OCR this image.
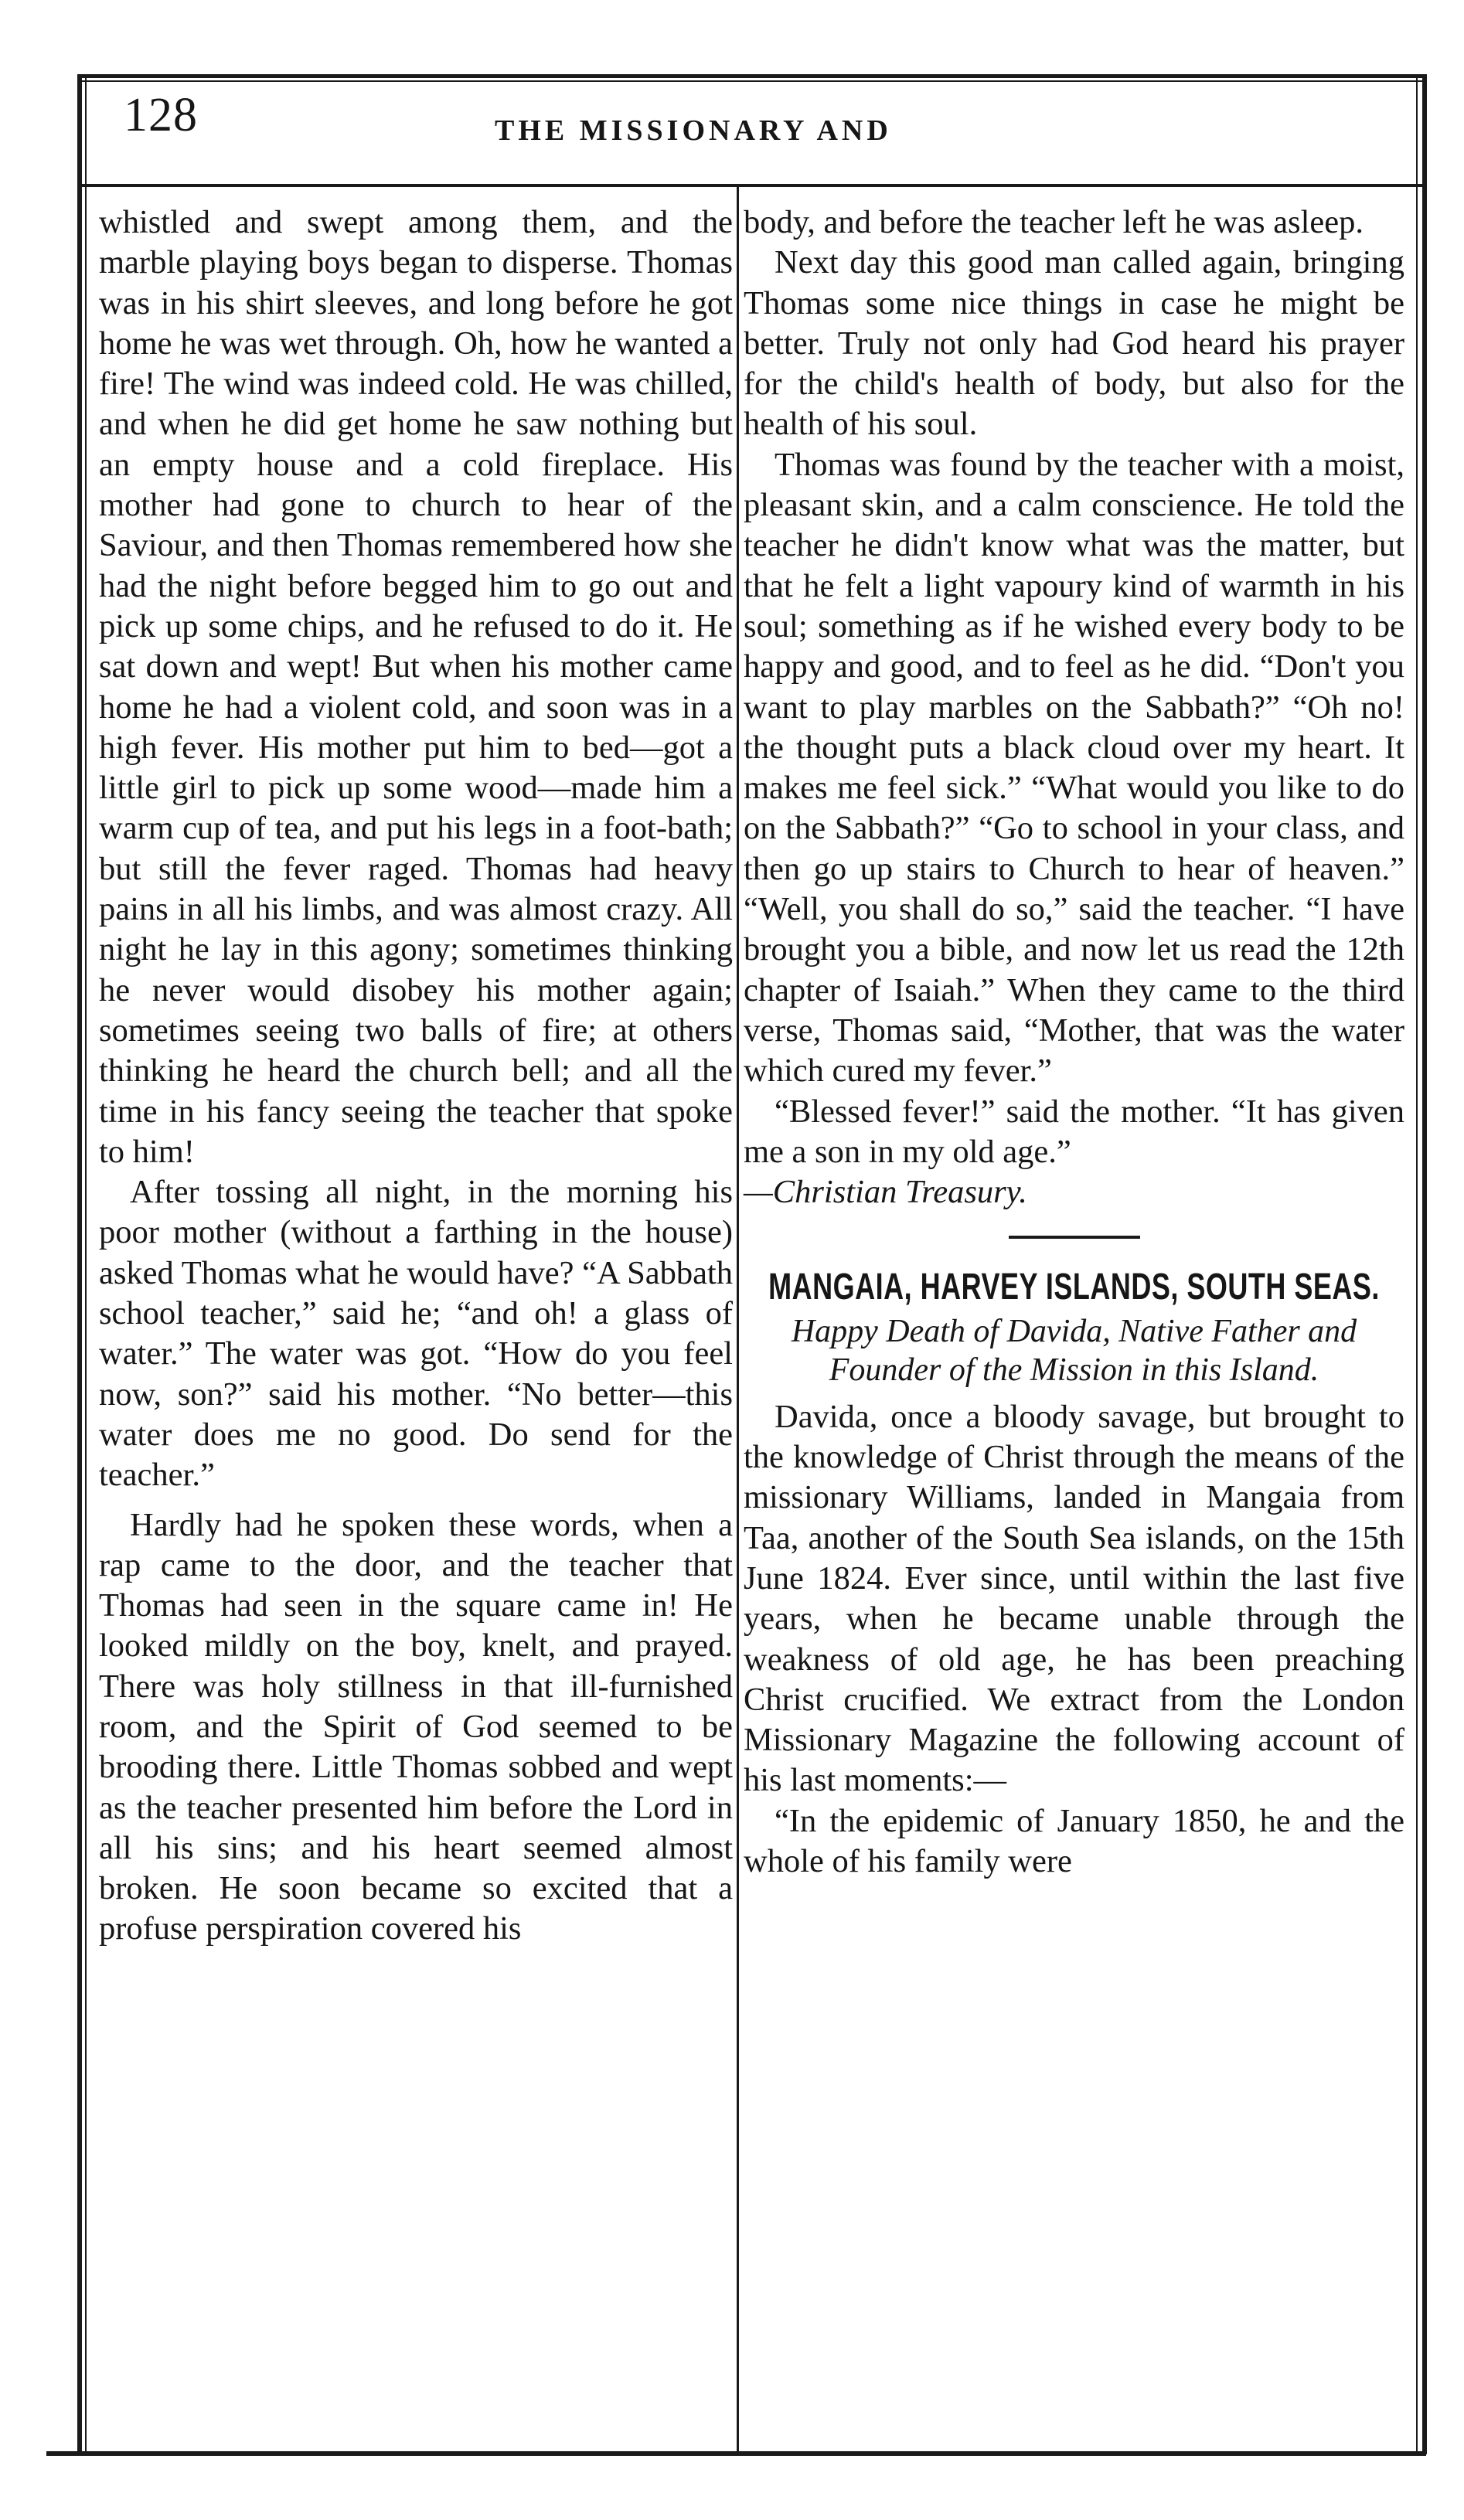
128	THE MISSIONARY AND

whistled and swept among them, and the marble playing boys began to disperse. Thomas was in his shirt sleeves, and long before he got home he was wet through. Oh, how he wanted a fire! The wind was indeed cold. He was chilled, and when he did get home he saw nothing but an empty house and a cold fireplace. His mother had gone to church to hear of the Saviour, and then Thomas remembered how she had the night before begged him to go out and pick up some chips, and he refused to do it. He sat down and wept! But when his mother came home he had a violent cold, and soon was in a high fever. His mother put him to bed—got a little girl to pick up some wood—made him a warm cup of tea, and put his legs in a foot-bath; but still the fever raged. Thomas had heavy pains in all his limbs, and was almost crazy. All night he lay in this agony; sometimes thinking he never would disobey his mother again; sometimes seeing two balls of fire; at others thinking he heard the church bell; and all the time in his fancy seeing the teacher that spoke to him!

After tossing all night, in the morning his poor mother (without a farthing in the house) asked Thomas what he would have? “A Sabbath school teacher,” said he; “and oh! a glass of water.” The water was got. “How do you feel now, son?” said his mother. “No better—this water does me no good. Do send for the teacher.”

Hardly had he spoken these words, when a rap came to the door, and the teacher that Thomas had seen in the square came in! He looked mildly on the boy, knelt, and prayed. There was holy stillness in that ill-furnished room, and the Spirit of God seemed to be brooding there. Little Thomas sobbed and wept as the teacher presented him before the Lord in all his sins; and his heart seemed almost broken. He soon became so excited that a profuse perspiration covered his

body, and before the teacher left he was asleep.

Next day this good man called again, bringing Thomas some nice things in case he might be better. Truly not only had God heard his prayer for the child's health of body, but also for the health of his soul.

Thomas was found by the teacher with a moist, pleasant skin, and a calm conscience. He told the teacher he didn't know what was the matter, but that he felt a light vapoury kind of warmth in his soul; something as if he wished every body to be happy and good, and to feel as he did. “Don't you want to play marbles on the Sabbath?” “Oh no! the thought puts a black cloud over my heart. It makes me feel sick.” “What would you like to do on the Sabbath?” “Go to school in your class, and then go up stairs to Church to hear of heaven.” “Well, you shall do so,” said the teacher. “I have brought you a bible, and now let us read the 12th chapter of Isaiah.” When they came to the third verse, Thomas said, “Mother, that was the water which cured my fever.”

“Blessed fever!” said the mother. “It has given me a son in my old age.”

—Christian Treasury.

MANGAIA, HARVEY ISLANDS, SOUTH SEAS.
Happy Death of Davida, Native Father and Founder of the Mission in this Island.

Davida, once a bloody savage, but brought to the knowledge of Christ through the means of the missionary Williams, landed in Mangaia from Taa, another of the South Sea islands, on the 15th June 1824. Ever since, until within the last five years, when he became unable through the weakness of old age, he has been preaching Christ crucified. We extract from the London Missionary Magazine the following account of his last moments:—

“In the epidemic of January 1850, he and the whole of his family were
